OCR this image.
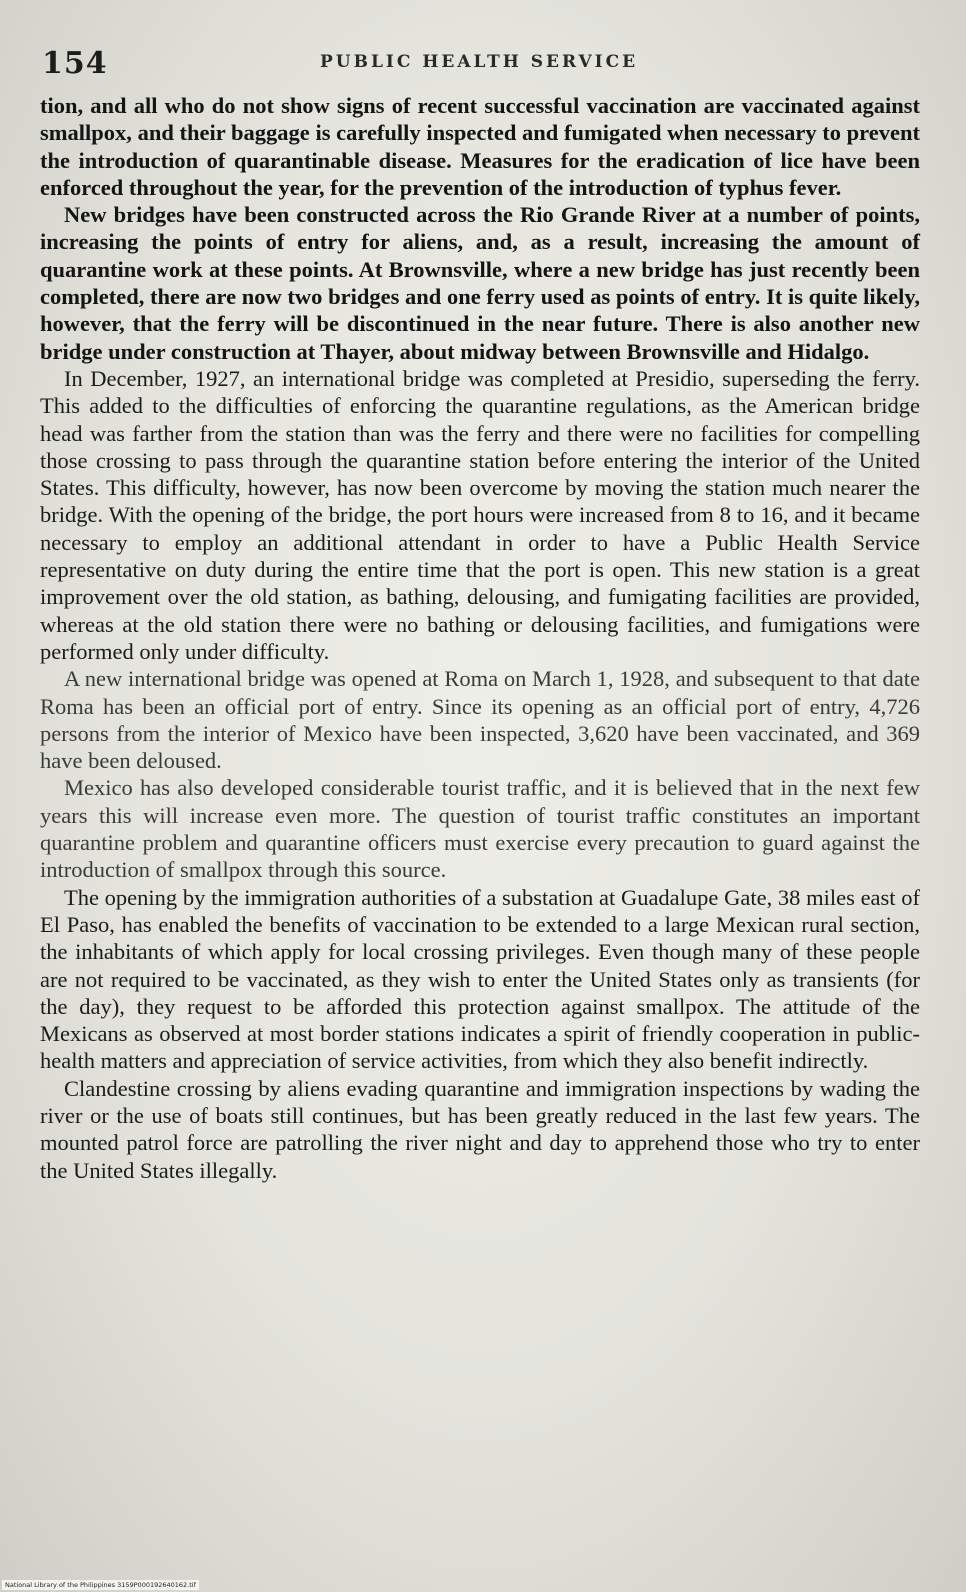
154	PUBLIC HEALTH SERVICE

tion, and all who do not show signs of recent successful vaccination are vaccinated against smallpox, and their baggage is carefully inspected and fumigated when necessary to prevent the introduction of quarantinable disease. Measures for the eradication of lice have been enforced throughout the year, for the prevention of the introduction of typhus fever.

New bridges have been constructed across the Rio Grande River at a number of points, increasing the points of entry for aliens, and, as a result, increasing the amount of quarantine work at these points. At Brownsville, where a new bridge has just recently been completed, there are now two bridges and one ferry used as points of entry. It is quite likely, however, that the ferry will be discontinued in the near future. There is also another new bridge under construction at Thayer, about midway between Brownsville and Hidalgo.

In December, 1927, an international bridge was completed at Presidio, superseding the ferry. This added to the difficulties of enforcing the quarantine regulations, as the American bridge head was farther from the station than was the ferry and there were no facilities for compelling those crossing to pass through the quarantine station before entering the interior of the United States. This difficulty, however, has now been overcome by moving the station much nearer the bridge. With the opening of the bridge, the port hours were increased from 8 to 16, and it became necessary to employ an additional attendant in order to have a Public Health Service representative on duty during the entire time that the port is open. This new station is a great improvement over the old station, as bathing, delousing, and fumigating facilities are provided, whereas at the old station there were no bathing or delousing facilities, and fumigations were performed only under difficulty.

A new international bridge was opened at Roma on March 1, 1928, and subsequent to that date Roma has been an official port of entry. Since its opening as an official port of entry, 4,726 persons from the interior of Mexico have been inspected, 3,620 have been vaccinated, and 369 have been deloused.

Mexico has also developed considerable tourist traffic, and it is believed that in the next few years this will increase even more. The question of tourist traffic constitutes an important quarantine problem and quarantine officers must exercise every precaution to guard against the introduction of smallpox through this source.

The opening by the immigration authorities of a substation at Guadalupe Gate, 38 miles east of El Paso, has enabled the benefits of vaccination to be extended to a large Mexican rural section, the inhabitants of which apply for local crossing privileges. Even though many of these people are not required to be vaccinated, as they wish to enter the United States only as transients (for the day), they request to be afforded this protection against smallpox. The attitude of the Mexicans as observed at most border stations indicates a spirit of friendly cooperation in public-health matters and appreciation of service activities, from which they also benefit indirectly.

Clandestine crossing by aliens evading quarantine and immigration inspections by wading the river or the use of boats still continues, but has been greatly reduced in the last few years. The mounted patrol force are patrolling the river night and day to apprehend those who try to enter the United States illegally.

National Library of the Philippines 3159P000192640162.tif
